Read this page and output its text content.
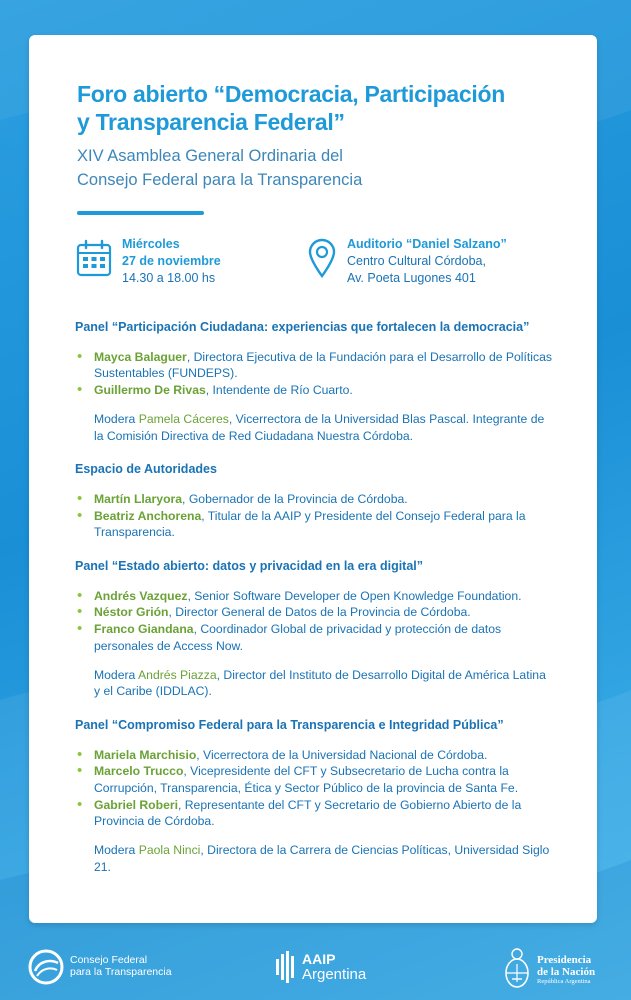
Foro abierto “Democracia, Participación
y Transparencia Federal”
XIV Asamblea General Ordinaria del
Consejo Federal para la Transparencia
Miércoles
27 de noviembre
14.30 a 18.00 hs
Auditorio “Daniel Salzano”
Centro Cultural Córdoba,
Av. Poeta Lugones 401
Panel “Participación Ciudadana: experiencias que fortalecen la democracia”
• Mayca Balaguer, Directora Ejecutiva de la Fundación para el Desarrollo de Políticas Sustentables (FUNDEPS).
• Guillermo De Rivas, Intendente de Río Cuarto.
Modera Pamela Cáceres, Vicerrectora de la Universidad Blas Pascal. Integrante de la Comisión Directiva de Red Ciudadana Nuestra Córdoba.
Espacio de Autoridades
• Martín Llaryora, Gobernador de la Provincia de Córdoba.
• Beatriz Anchorena, Titular de la AAIP y Presidente del Consejo Federal para la Transparencia.
Panel “Estado abierto: datos y privacidad en la era digital”
• Andrés Vazquez, Senior Software Developer de Open Knowledge Foundation.
• Néstor Grión, Director General de Datos de la Provincia de Córdoba.
• Franco Giandana, Coordinador Global de privacidad y protección de datos personales de Access Now.
Modera Andrés Piazza, Director del Instituto de Desarrollo Digital de América Latina y el Caribe (IDDLAC).
Panel “Compromiso Federal para la Transparencia e Integridad Pública”
• Mariela Marchisio, Vicerrectora de la Universidad Nacional de Córdoba.
• Marcelo Trucco, Vicepresidente del CFT y Subsecretario de Lucha contra la Corrupción, Transparencia, Ética y Sector Público de la provincia de Santa Fe.
• Gabriel Roberi, Representante del CFT y Secretario de Gobierno Abierto de la Provincia de Córdoba.
Modera Paola Ninci, Directora de la Carrera de Ciencias Políticas, Universidad Siglo 21.
Consejo Federal
para la Transparencia
AAIP
Argentina
Presidencia
de la Nación
República Argentina
